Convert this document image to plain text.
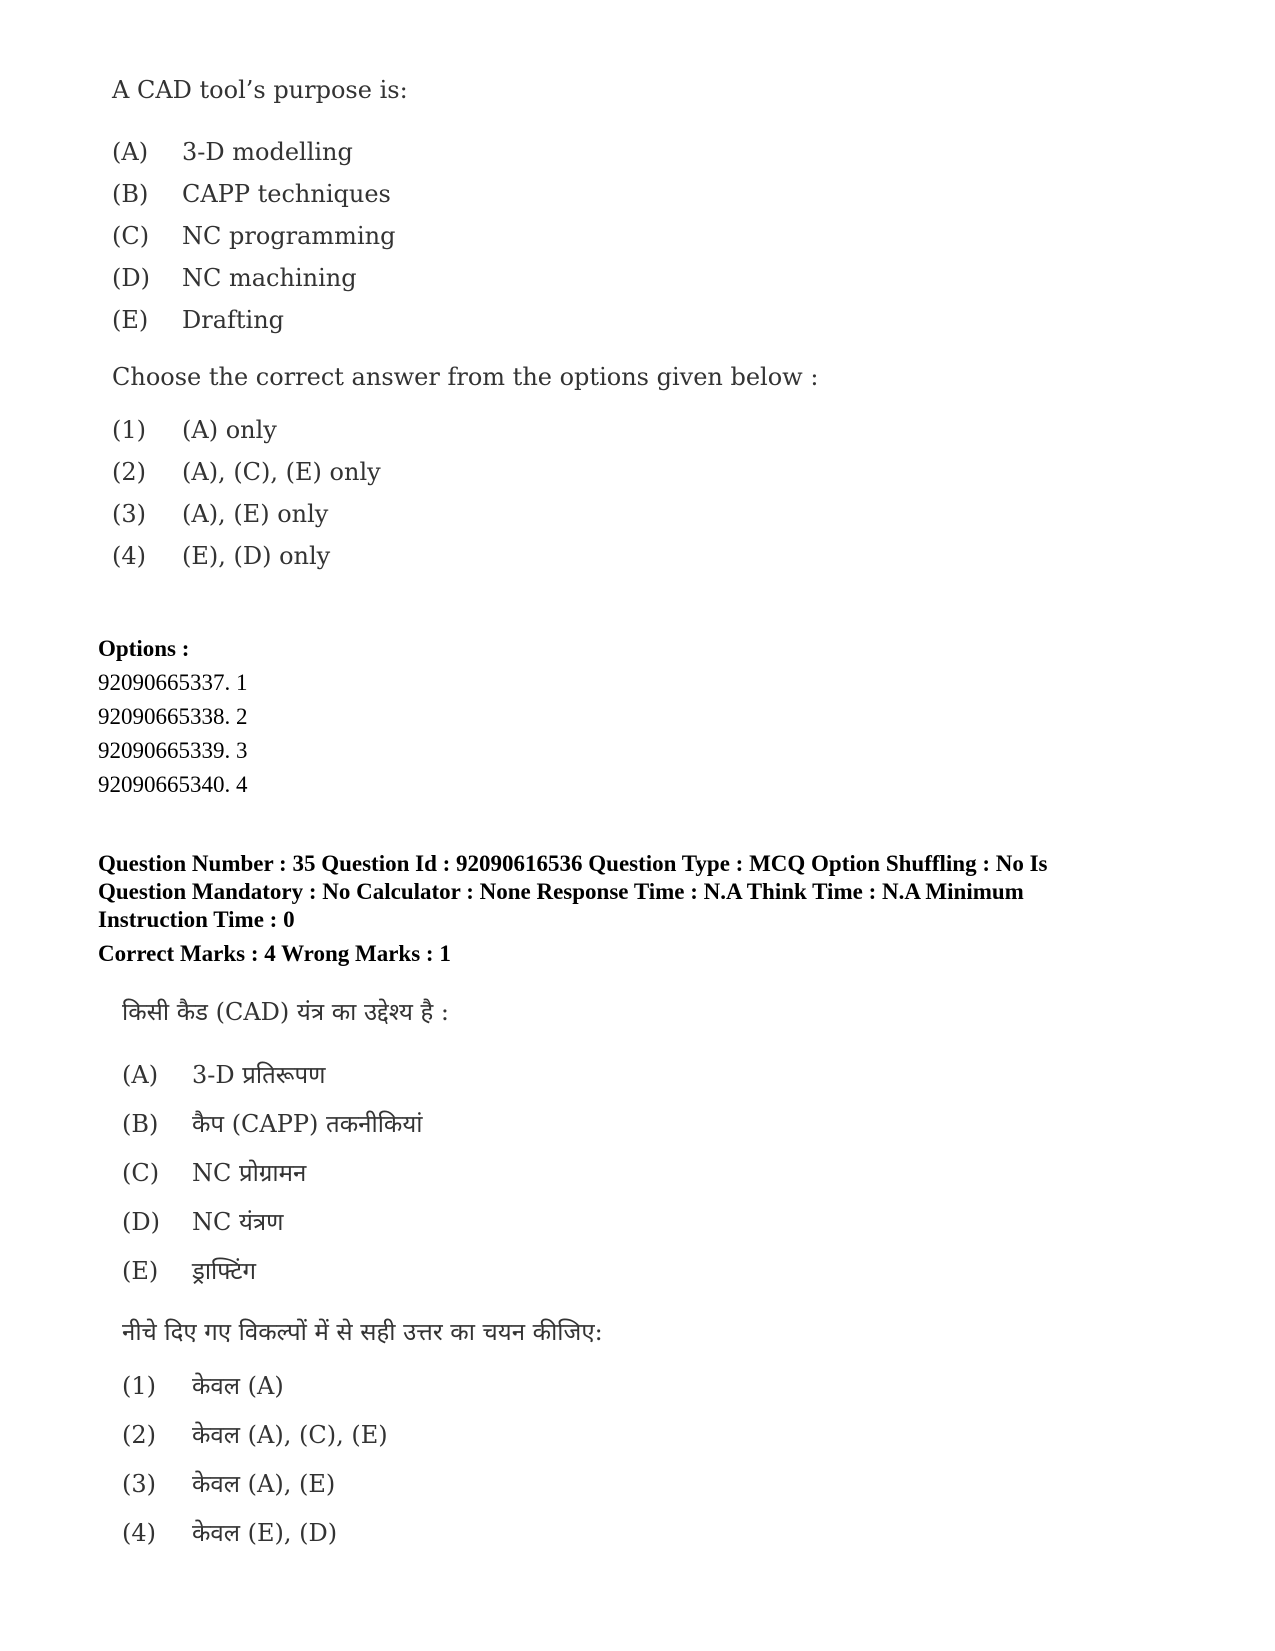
A CAD tool’s purpose is:
(A)	3-D modelling
(B)	CAPP techniques
(C)	NC programming
(D)	NC machining
(E)	Drafting
Choose the correct answer from the options given below :
(1)	(A) only
(2)	(A), (C), (E) only
(3)	(A), (E) only
(4)	(E), (D) only
Options :
92090665337. 1
92090665338. 2
92090665339. 3
92090665340. 4
Question Number : 35 Question Id : 92090616536 Question Type : MCQ Option Shuffling : No Is
Question Mandatory : No Calculator : None Response Time : N.A Think Time : N.A Minimum
Instruction Time : 0
Correct Marks : 4 Wrong Marks : 1
किसी कैड (CAD) यंत्र का उद्देश्य है :
(A)	3-D प्रतिरूपण
(B)	कैप (CAPP) तकनीकियां
(C)	NC प्रोग्रामन
(D)	NC यंत्रण
(E)	ड्राफ्टिंग
नीचे दिए गए विकल्पों में से सही उत्तर का चयन कीजिए:
(1)	केवल (A)
(2)	केवल (A), (C), (E)
(3)	केवल (A), (E)
(4)	केवल (E), (D)
